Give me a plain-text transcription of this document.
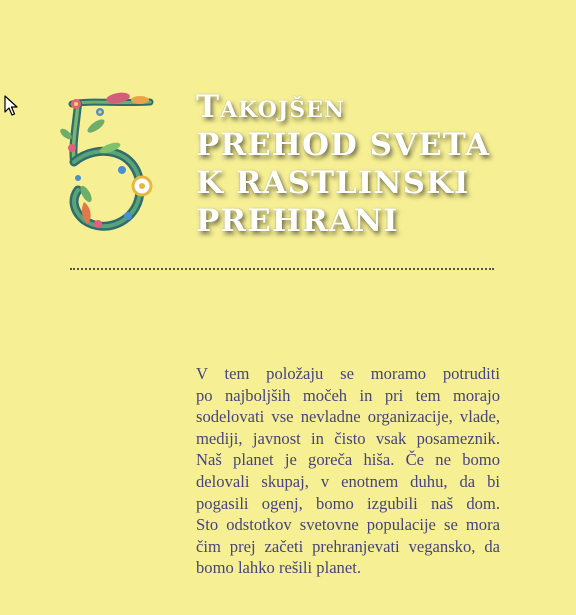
Takojšen
PREHOD SVETA
K RASTLINSKI
PREHRANI
V tem položaju se moramo potruditi
po najboljših močeh in pri tem morajo
sodelovati vse nevladne organizacije, vlade,
mediji, javnost in čisto vsak posameznik.
Naš planet je goreča hiša. Če ne bomo
delovali skupaj, v enotnem duhu, da bi
pogasili ogenj, bomo izgubili naš dom.
Sto odstotkov svetovne populacije se mora
čim prej začeti prehranjevati vegansko, da
bomo lahko rešili planet.
